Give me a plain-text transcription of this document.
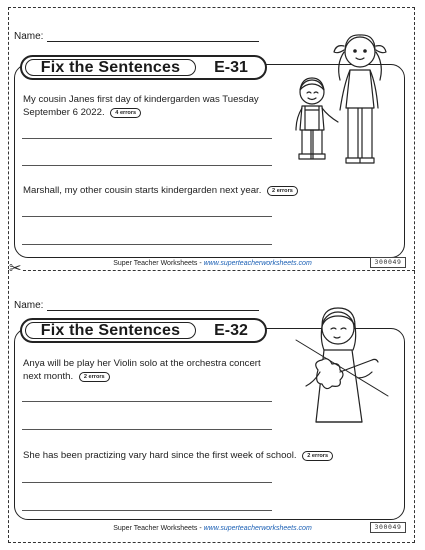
✂
Name:
Fix the Sentences	E-31
My cousin Janes first day of kindergarden was Tuesday September 6 2022. 4 errors
Marshall, my other cousin starts kindergarden next year. 2 errors
Super Teacher Worksheets - www.superteacherworksheets.com	300049
Name:
Fix the Sentences	E-32
Anya will be play her Violin solo at the orchestra concert next month. 2 errors
She has been practizing vary hard since the first week of school. 2 errors
Super Teacher Worksheets - www.superteacherworksheets.com	300049
